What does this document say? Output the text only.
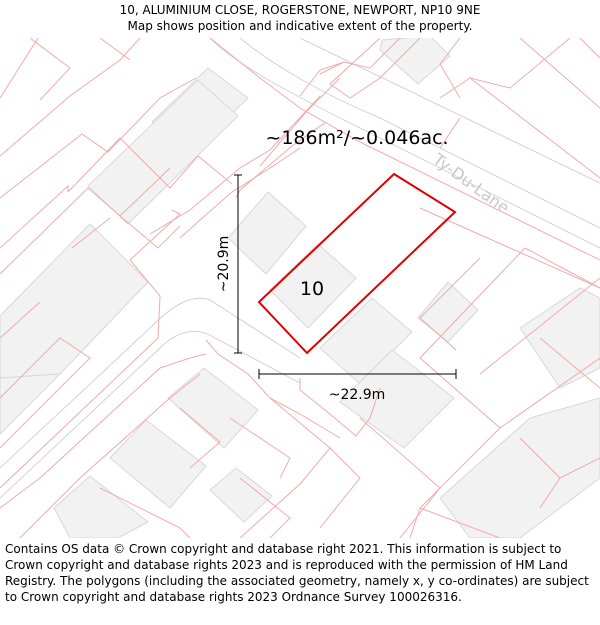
10, ALUMINIUM CLOSE, ROGERSTONE, NEWPORT, NP10 9NE
Map shows position and indicative extent of the property.
~186m²/~0.046ac.
Ty-Du-Lane
10
~20.9m
~22.9m
Contains OS data © Crown copyright and database right 2021. This information is subject to Crown copyright and database rights 2023 and is reproduced with the permission of HM Land Registry. The polygons (including the associated geometry, namely x, y co-ordinates) are subject to Crown copyright and database rights 2023 Ordnance Survey 100026316.
